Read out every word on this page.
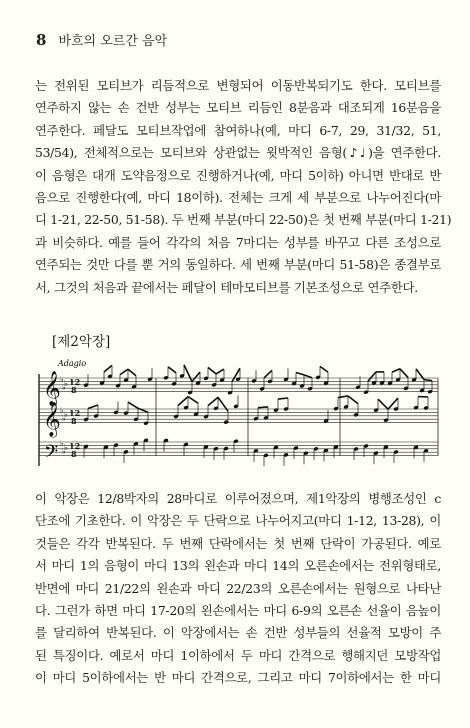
8 바흐의 오르간 음악
는 전위된 모티브가 리듬적으로 변형되어 이동반복되기도 한다. 모티브를
연주하지 않는 손 건반 성부는 모티브 리듬인 8분음과 대조되게 16분음을
연주한다. 페달도 모티브작업에 참여하나(예, 마디 6-7, 29, 31/32, 51,
53/54), 전체적으로는 모티브와 상관없는 윗박적인 음형(♪♩)을 연주한다.
이 음형은 대개 도약음정으로 진행하거나(예, 마디 5이하) 아니면 반대로 반
음으로 진행한다(예, 마디 18이하). 전체는 크게 세 부분으로 나누어진다(마
디 1-21, 22-50, 51-58). 두 번째 부분(마디 22-50)은 첫 번째 부분(마디 1-21)
과 비슷하다. 예를 들어 각각의 처음 7마디는 성부를 바꾸고 다른 조성으로
연주되는 것만 다를 뿐 거의 동일하다. 세 번째 부분(마디 51-58)은 종결부로
서, 그것의 처음과 끝에서는 페달이 테마모티브를 기본조성으로 연주한다.
[제2악장]
Adagio
𝄞
𝄞
𝄢
12
8
12
8
12
8
♭ ♭
♭
♭ ♭
♭
♭ ♭
♭
이 악장은 12/8박자의 28마디로 이루어졌으며, 제1악장의 병행조성인 c
단조에 기초한다. 이 악장은 두 단락으로 나누어지고(마디 1-12, 13-28), 이
것들은 각각 반복된다. 두 번째 단락에서는 첫 번째 단락이 가공된다. 예로
서 마디 1의 음형이 마디 13의 왼손과 마디 14의 오른손에서는 전위형태로,
반면에 마디 21/22의 왼손과 마디 22/23의 오른손에서는 원형으로 나타난
다. 그런가 하면 마디 17-20의 왼손에서는 마디 6-9의 오른손 선율이 음높이
를 달리하여 반복된다. 이 악장에서는 손 건반 성부들의 선율적 모방이 주
된 특징이다. 예로서 마디 1이하에서 두 마디 간격으로 행해지던 모방작업
이 마디 5이하에서는 반 마디 간격으로, 그리고 마디 7이하에서는 한 마디
